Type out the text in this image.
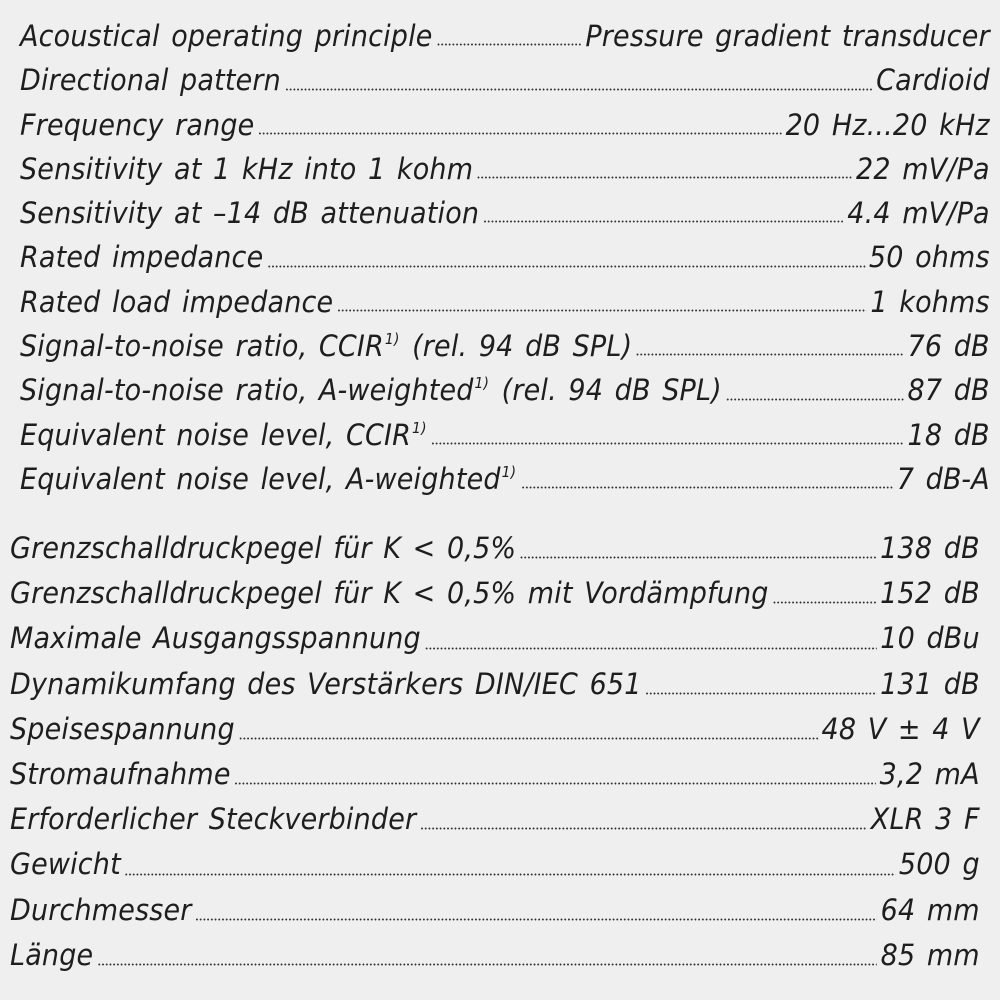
Acoustical operating principle	Pressure gradient transducer
Directional pattern	Cardioid
Frequency range	20 Hz...20 kHz
Sensitivity at 1 kHz into 1 kohm	22 mV/Pa
Sensitivity at –14 dB attenuation	4.4 mV/Pa
Rated impedance	50 ohms
Rated load impedance	1 kohms
Signal-to-noise ratio, CCIR$^{1)}$ (rel. 94 dB SPL)	76 dB
Signal-to-noise ratio, A-weighted$^{1)}$ (rel. 94 dB SPL)	87 dB
Equivalent noise level, CCIR$^{1)}$	18 dB
Equivalent noise level, A-weighted$^{1)}$	7 dB-A
Grenzschalldruckpegel für K < 0,5%	138 dB
Grenzschalldruckpegel für K < 0,5% mit Vordämpfung	152 dB
Maximale Ausgangsspannung	10 dBu
Dynamikumfang des Verstärkers DIN/IEC 651	131 dB
Speisespannung	48 V ± 4 V
Stromaufnahme	3,2 mA
Erforderlicher Steckverbinder	XLR 3 F
Gewicht	500 g
Durchmesser	64 mm
Länge	85 mm
